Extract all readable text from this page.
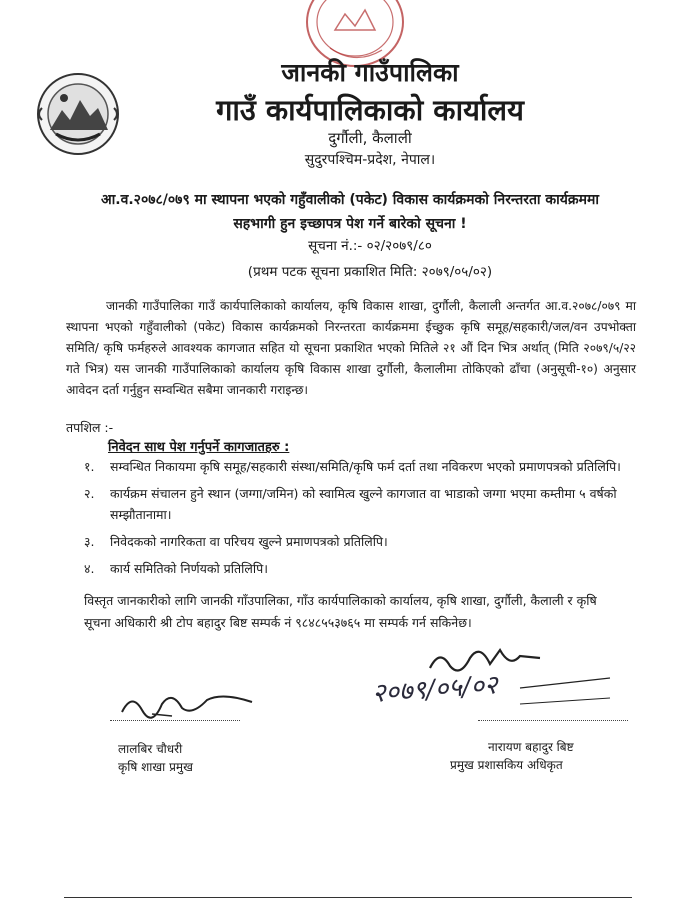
जानकी गाउँपालिका
गाउँ कार्यपालिकाको कार्यालय
दुर्गौली, कैलाली
सुदुरपश्चिम-प्रदेश, नेपाल।
आ.व.२०७८/०७९ मा स्थापना भएको गहुँवालीको (पकेट) विकास कार्यक्रमको निरन्तरता कार्यक्रममा
सहभागी हुन इच्छापत्र पेश गर्ने बारेको सूचना !
सूचना नं.:- ०२/२०७९/८०
(प्रथम पटक सूचना प्रकाशित मिति: २०७९/०५/०२)
जानकी गाउँपालिका गाउँ कार्यपालिकाको कार्यालय, कृषि विकास शाखा, दुर्गौली, कैलाली अन्तर्गत आ.व.२०७८/०७९ मा स्थापना भएको गहुँवालीको (पकेट) विकास कार्यक्रमको निरन्तरता कार्यक्रममा ईच्छुक कृषि समूह/सहकारी/जल/वन उपभोक्ता समिति/ कृषि फर्महरुले आवश्यक कागजात सहित यो सूचना प्रकाशित भएको मितिले २१ औं दिन भित्र अर्थात् (मिति २०७९/५/२२ गते भित्र) यस जानकी गाउँपालिकाको कार्यालय कृषि विकास शाखा दुर्गौली, कैलालीमा तोकिएको ढाँचा (अनुसूची-१०) अनुसार आवेदन दर्ता गर्नुहुन सम्वन्धित सबैमा जानकारी गराइन्छ।
तपशिल :-
निवेदन साथ पेश गर्नुपर्ने कागजातहरु :
१. सम्वन्धित निकायमा कृषि समूह/सहकारी संस्था/समिति/कृषि फर्म दर्ता तथा नविकरण भएको प्रमाणपत्रको प्रतिलिपि।
२. कार्यक्रम संचालन हुने स्थान (जग्गा/जमिन) को स्वामित्व खुल्ने कागजात वा भाडाको जग्गा भएमा कम्तीमा ५ वर्षको सम्झौतानामा।
३. निवेदकको नागरिकता वा परिचय खुल्ने प्रमाणपत्रको प्रतिलिपि।
४. कार्य समितिको निर्णयको प्रतिलिपि।
विस्तृत जानकारीको लागि जानकी गाँउपालिका, गाँउ कार्यपालिकाको कार्यालय, कृषि शाखा, दुर्गौली, कैलाली र कृषि सूचना अधिकारी श्री टोप बहादुर बिष्ट सम्पर्क नं ९८४८५५३७६५ मा सम्पर्क गर्न सकिनेछ।
२०७९/०५/०२
लालबिर चौधरी
कृषि शाखा प्रमुख
नारायण बहादुर बिष्ट
प्रमुख प्रशासकिय अधिकृत
